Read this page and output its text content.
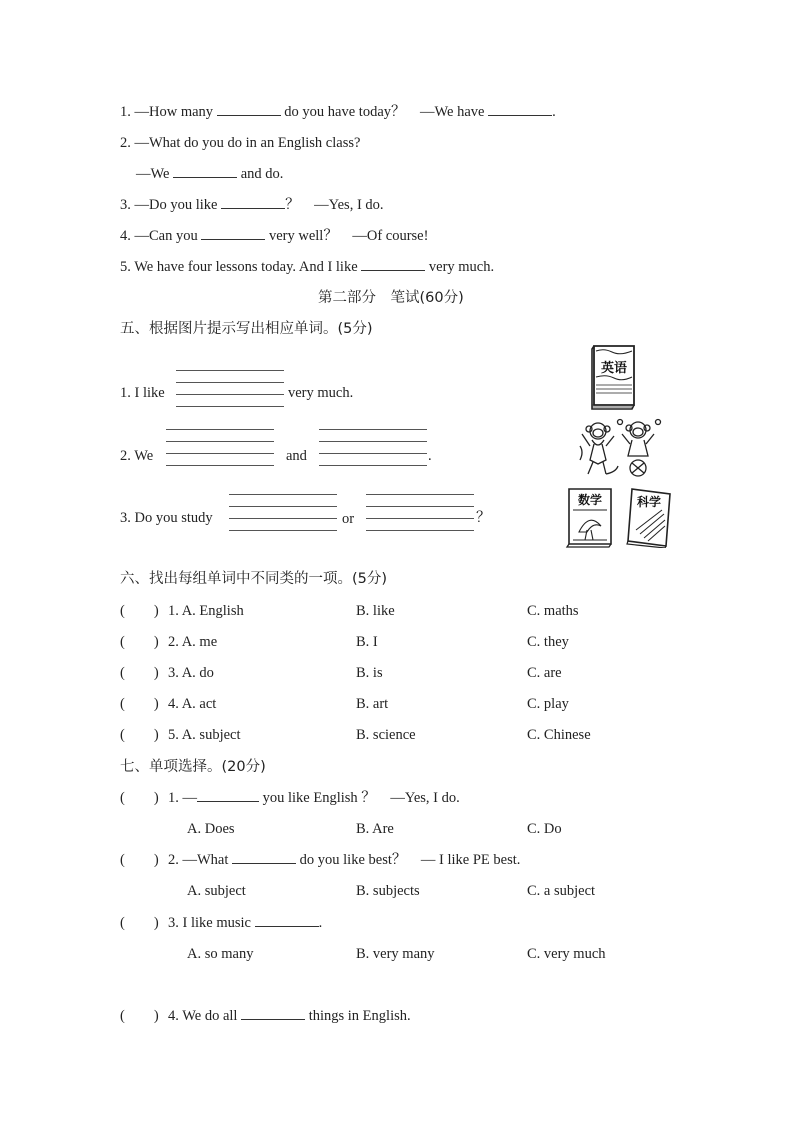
1. —How many	do you have today？ —We have	.
2. —What do you do in an English class?
—We	and do.
3. —Do you like	？ —Yes, I do.
4. —Can you	very well？ —Of course!
5. We have four lessons today. And I like	very much.
第二部分　笔试(60分)
五、根据图片提示写出相应单词。(5分)
1. I like	very much.
2. We	and	.
3. Do you study	or	？
英语
数学	科学
六、找出每组单词中不同类的一项。(5分)
(　　) 1. A. English	B. like	C. maths
(　　) 2. A. me	B. I	C. they
(　　) 3. A. do	B. is	C. are
(　　) 4. A. act	B. art	C. play
(　　) 5. A. subject	B. science	C. Chinese
七、单项选择。(20分)
(　　) 1. —	you like English ？ —Yes, I do.
A. Does	B. Are	C. Do
(　　) 2. —What	do you like best？ — I like PE best.
A. subject	B. subjects	C. a subject
(　　) 3. I like music	.
A. so many	B. very many	C. very much
(　　) 4. We do all	things in English.
